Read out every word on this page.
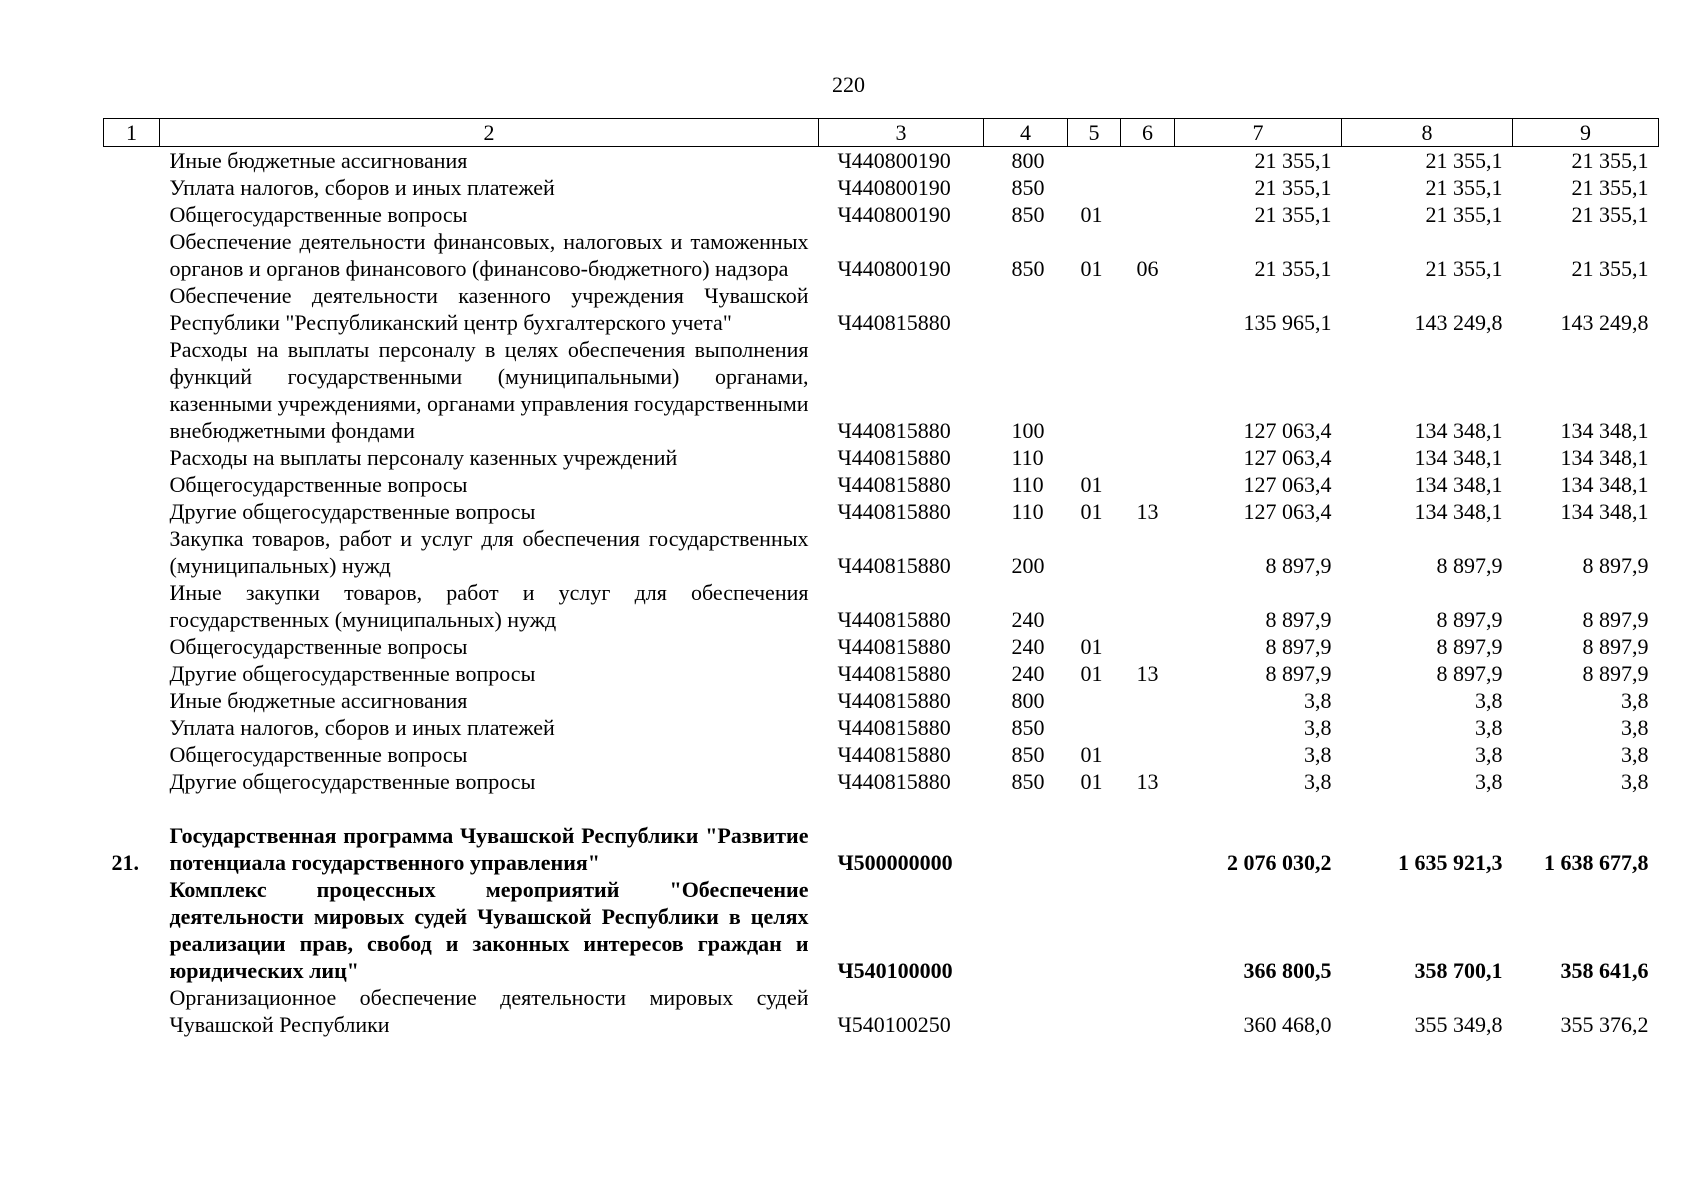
220
1	2	3	4	5	6	7	8	9
	Иные бюджетные ассигнования	Ч440800190	800			21 355,1	21 355,1	21 355,1
	Уплата налогов, сборов и иных платежей	Ч440800190	850			21 355,1	21 355,1	21 355,1
	Общегосударственные вопросы	Ч440800190	850	01		21 355,1	21 355,1	21 355,1
	Обеспечение деятельности финансовых, налоговых и таможенных органов и органов финансового (финансово-бюджетного) надзора	Ч440800190	850	01	06	21 355,1	21 355,1	21 355,1
	Обеспечение деятельности казенного учреждения Чувашской Республики "Республиканский центр бухгалтерского учета"	Ч440815880				135 965,1	143 249,8	143 249,8
	Расходы на выплаты персоналу в целях обеспечения выполнения функций государственными (муниципальными) органами, казенными учреждениями, органами управления государственными внебюджетными фондами	Ч440815880	100			127 063,4	134 348,1	134 348,1
	Расходы на выплаты персоналу казенных учреждений	Ч440815880	110			127 063,4	134 348,1	134 348,1
	Общегосударственные вопросы	Ч440815880	110	01		127 063,4	134 348,1	134 348,1
	Другие общегосударственные вопросы	Ч440815880	110	01	13	127 063,4	134 348,1	134 348,1
	Закупка товаров, работ и услуг для обеспечения государственных (муниципальных) нужд	Ч440815880	200			8 897,9	8 897,9	8 897,9
	Иные закупки товаров, работ и услуг для обеспечения государственных (муниципальных) нужд	Ч440815880	240			8 897,9	8 897,9	8 897,9
	Общегосударственные вопросы	Ч440815880	240	01		8 897,9	8 897,9	8 897,9
	Другие общегосударственные вопросы	Ч440815880	240	01	13	8 897,9	8 897,9	8 897,9
	Иные бюджетные ассигнования	Ч440815880	800			3,8	3,8	3,8
	Уплата налогов, сборов и иных платежей	Ч440815880	850			3,8	3,8	3,8
	Общегосударственные вопросы	Ч440815880	850	01		3,8	3,8	3,8
	Другие общегосударственные вопросы	Ч440815880	850	01	13	3,8	3,8	3,8

21.	Государственная программа Чувашской Республики "Развитие потенциала государственного управления"	Ч500000000				2 076 030,2	1 635 921,3	1 638 677,8
	Комплекс процессных мероприятий "Обеспечение деятельности мировых судей Чувашской Республики в целях реализации прав, свобод и законных интересов граждан и юридических лиц"	Ч540100000				366 800,5	358 700,1	358 641,6
	Организационное обеспечение деятельности мировых судей Чувашской Республики	Ч540100250				360 468,0	355 349,8	355 376,2
